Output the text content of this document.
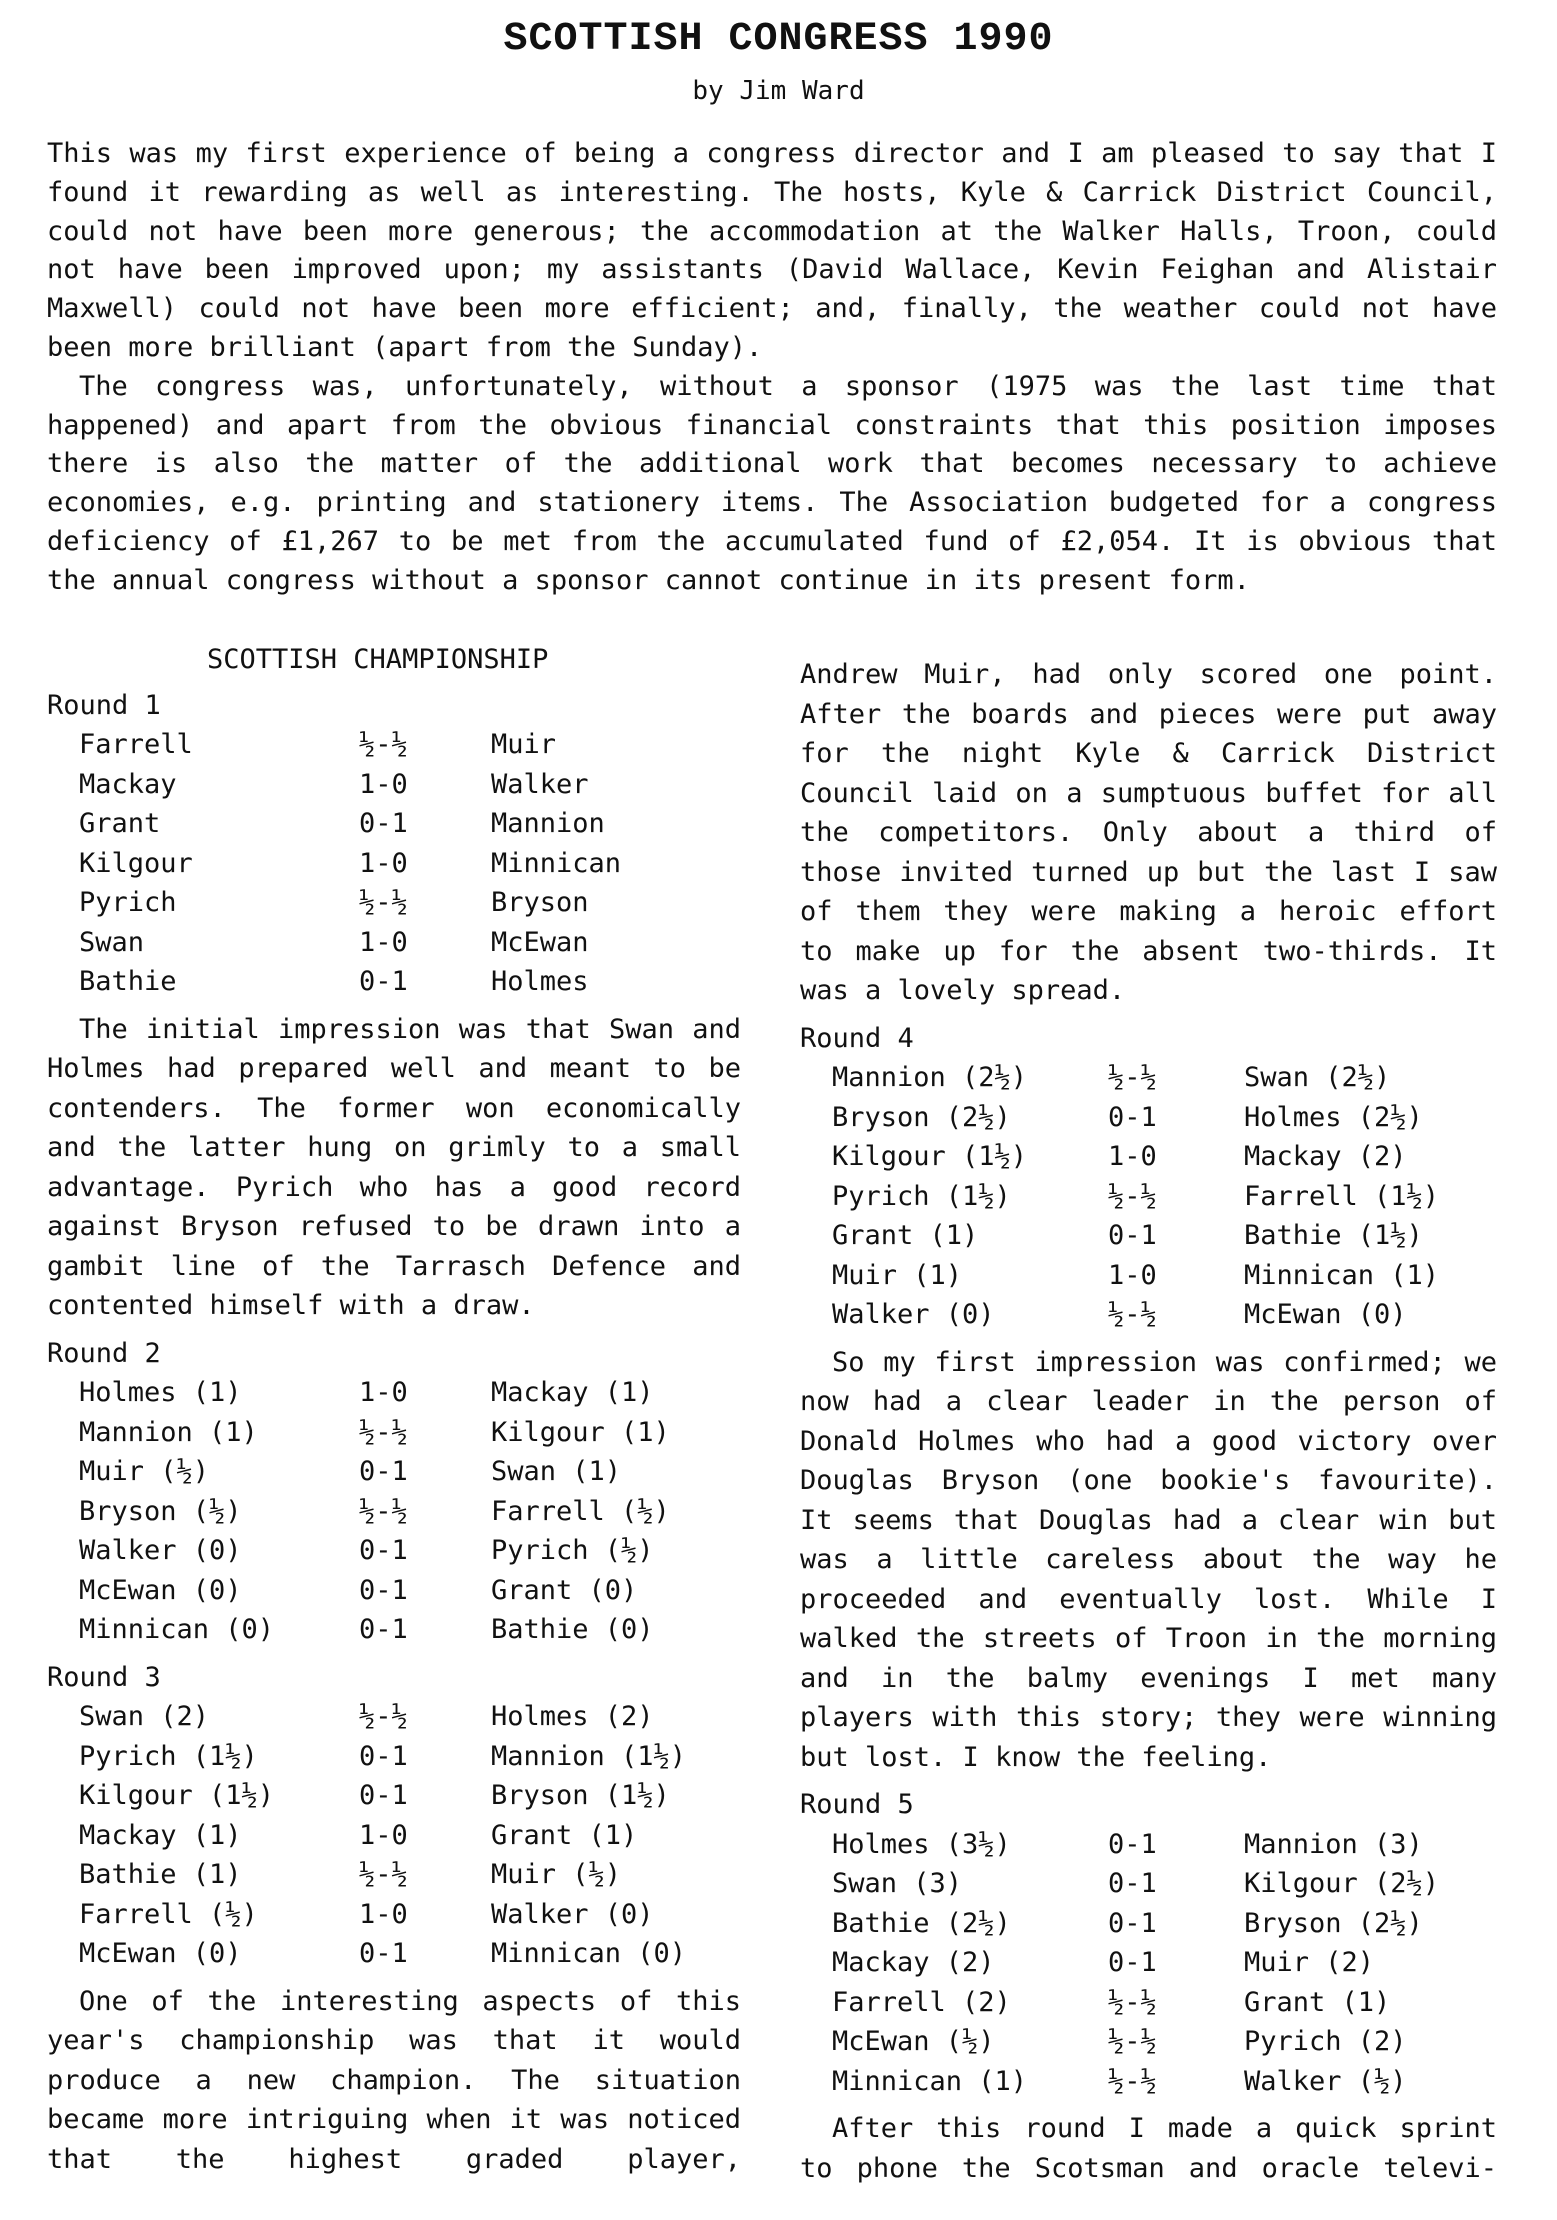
SCOTTISH CONGRESS 1990
by Jim Ward

This was my first experience of being a congress director and I am pleased to say that I found it rewarding as well as interesting. The hosts, Kyle & Carrick District Council, could not have been more generous; the accommodation at the Walker Halls, Troon, could not have been improved upon; my assistants (David Wallace, Kevin Feighan and Alistair Maxwell) could not have been more efficient; and, finally, the weather could not have been more brilliant (apart from the Sunday).

The congress was, unfortunately, without a sponsor (1975 was the last time that happened) and apart from the obvious financial constraints that this position imposes there is also the matter of the additional work that becomes necessary to achieve economies, e.g. printing and stationery items. The Association budgeted for a congress deficiency of £1,267 to be met from the accumulated fund of £2,054. It is obvious that the annual congress without a sponsor cannot continue in its present form.

SCOTTISH CHAMPIONSHIP
Round 1
Farrell	½-½	Muir
Mackay	1-0	Walker
Grant	0-1	Mannion
Kilgour	1-0	Minnican
Pyrich	½-½	Bryson
Swan	1-0	McEwan
Bathie	0-1	Holmes

The initial impression was that Swan and Holmes had prepared well and meant to be contenders. The former won economically and the latter hung on grimly to a small advantage. Pyrich who has a good record against Bryson refused to be drawn into a gambit line of the Tarrasch Defence and contented himself with a draw.

Round 2
Holmes (1)	1-0	Mackay (1)
Mannion (1)	½-½	Kilgour (1)
Muir (½)	0-1	Swan (1)
Bryson (½)	½-½	Farrell (½)
Walker (0)	0-1	Pyrich (½)
McEwan (0)	0-1	Grant (0)
Minnican (0)	0-1	Bathie (0)
Round 3
Swan (2)	½-½	Holmes (2)
Pyrich (1½)	0-1	Mannion (1½)
Kilgour (1½)	0-1	Bryson (1½)
Mackay (1)	1-0	Grant (1)
Bathie (1)	½-½	Muir (½)
Farrell (½)	1-0	Walker (0)
McEwan (0)	0-1	Minnican (0)

One of the interesting aspects of this year's championship was that it would produce a new champion. The situation became more intriguing when it was noticed that the highest graded player,

Andrew Muir, had only scored one point. After the boards and pieces were put away for the night Kyle & Carrick District Council laid on a sumptuous buffet for all the competitors. Only about a third of those invited turned up but the last I saw of them they were making a heroic effort to make up for the absent two-thirds. It was a lovely spread.

Round 4
Mannion (2½)	½-½	Swan (2½)
Bryson (2½)	0-1	Holmes (2½)
Kilgour (1½)	1-0	Mackay (2)
Pyrich (1½)	½-½	Farrell (1½)
Grant (1)	0-1	Bathie (1½)
Muir (1)	1-0	Minnican (1)
Walker (0)	½-½	McEwan (0)

So my first impression was confirmed; we now had a clear leader in the person of Donald Holmes who had a good victory over Douglas Bryson (one bookie's favourite). It seems that Douglas had a clear win but was a little careless about the way he proceeded and eventually lost. While I walked the streets of Troon in the morning and in the balmy evenings I met many players with this story; they were winning but lost. I know the feeling.

Round 5
Holmes (3½)	0-1	Mannion (3)
Swan (3)	0-1	Kilgour (2½)
Bathie (2½)	0-1	Bryson (2½)
Mackay (2)	0-1	Muir (2)
Farrell (2)	½-½	Grant (1)
McEwan (½)	½-½	Pyrich (2)
Minnican (1)	½-½	Walker (½)

After this round I made a quick sprint to phone the Scotsman and oracle televi-
